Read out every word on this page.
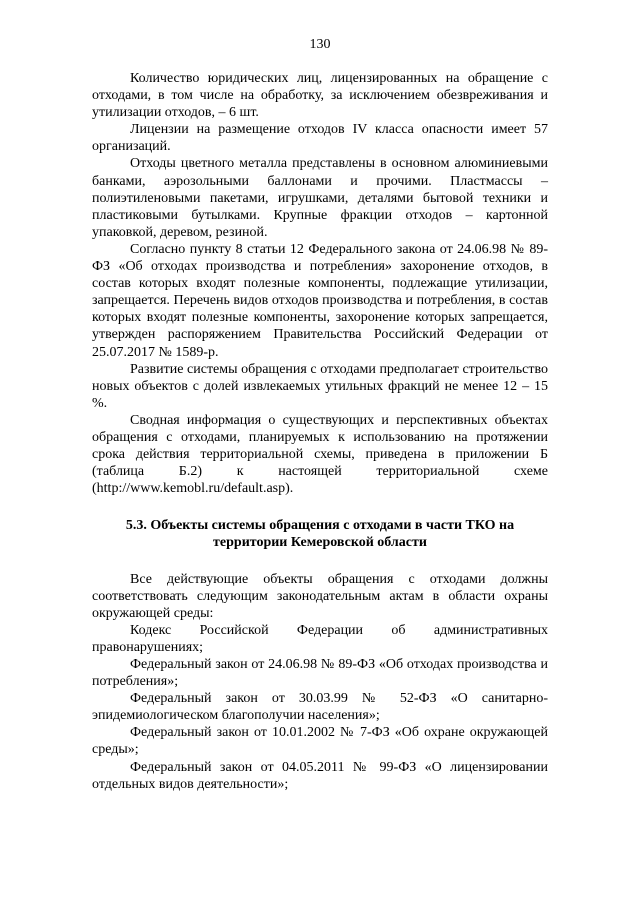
130

Количество юридических лиц, лицензированных на обращение с отходами, в том числе на обработку, за исключением обезвреживания и утилизации отходов, – 6 шт.

Лицензии на размещение отходов IV класса опасности имеет 57 организаций.

Отходы цветного металла представлены в основном алюминиевыми банками, аэрозольными баллонами и прочими. Пластмассы – полиэтиленовыми пакетами, игрушками, деталями бытовой техники и пластиковыми бутылками. Крупные фракции отходов – картонной упаковкой, деревом, резиной.

Согласно пункту 8 статьи 12 Федерального закона от 24.06.98 № 89-ФЗ «Об отходах производства и потребления» захоронение отходов, в состав которых входят полезные компоненты, подлежащие утилизации, запрещается. Перечень видов отходов производства и потребления, в состав которых входят полезные компоненты, захоронение которых запрещается, утвержден распоряжением Правительства Российский Федерации от 25.07.2017 № 1589-р.

Развитие системы обращения с отходами предполагает строительство новых объектов с долей извлекаемых утильных фракций не менее 12 – 15 %.

Сводная информация о существующих и перспективных объектах обращения с отходами, планируемых к использованию на протяжении срока действия территориальной схемы, приведена в приложении Б (таблица Б.2) к настоящей территориальной схеме (http://www.kemobl.ru/default.asp).

5.3. Объекты системы обращения с отходами в части ТКО на
территории Кемеровской области

Все действующие объекты обращения с отходами должны соответствовать следующим законодательным актам в области охраны окружающей среды:

Кодекс Российской Федерации об административных правонарушениях;

Федеральный закон от 24.06.98 № 89-ФЗ «Об отходах производства и потребления»;

Федеральный закон от 30.03.99 № 52-ФЗ «О санитарно-эпидемиологическом благополучии населения»;

Федеральный закон от 10.01.2002 № 7-ФЗ «Об охране окружающей среды»;

Федеральный закон от 04.05.2011 № 99-ФЗ «О лицензировании отдельных видов деятельности»;
